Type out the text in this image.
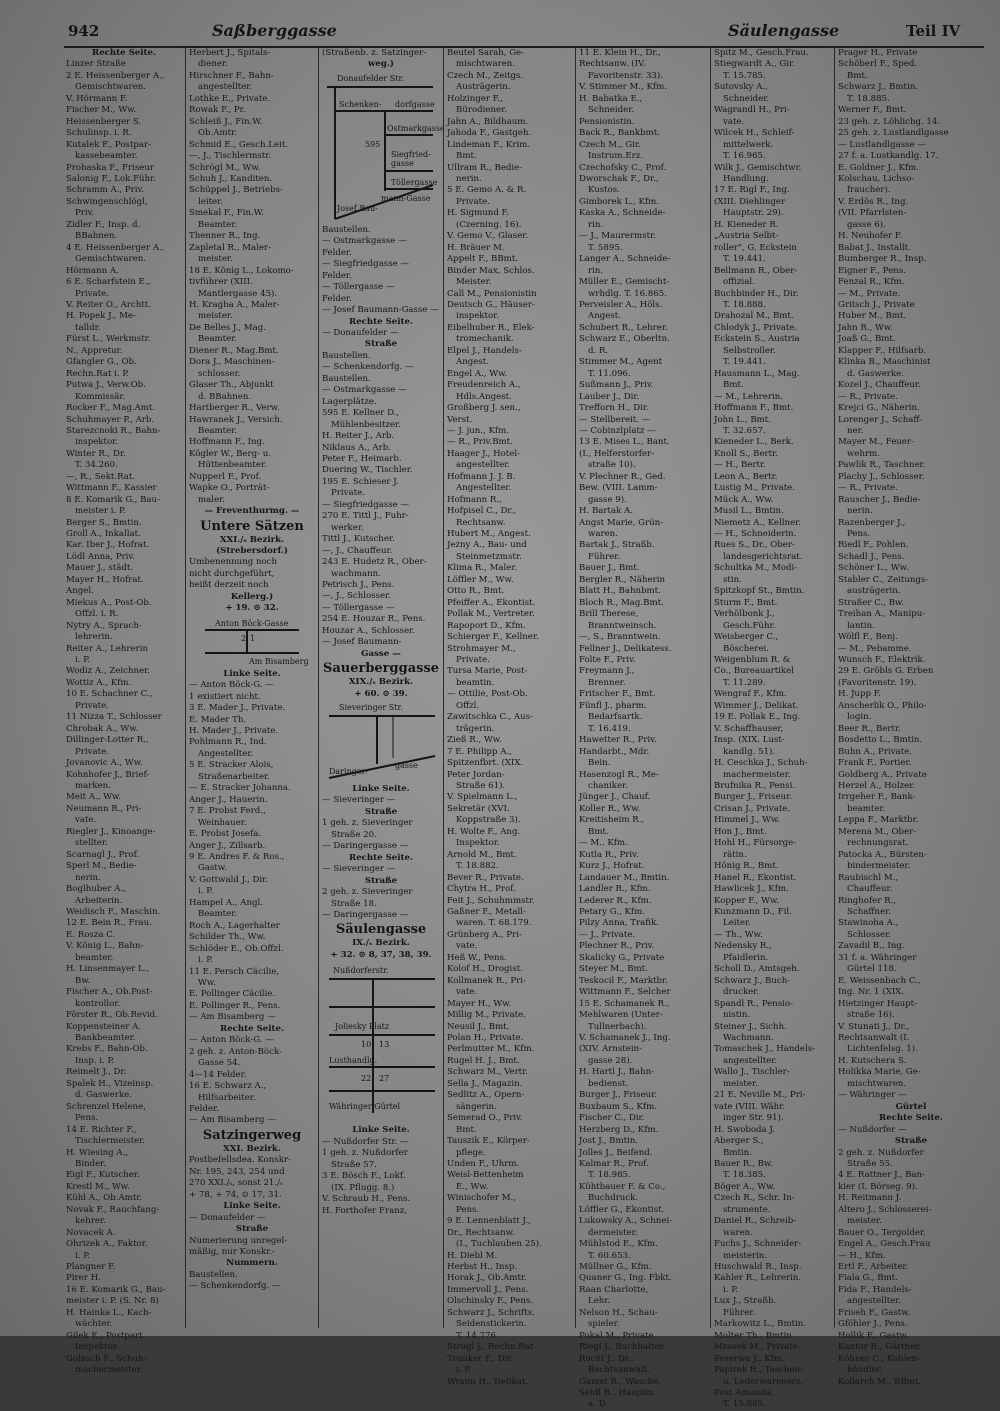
942	Saßberggasse	Säulengasse	Teil IV
Rechte Seite.
Linzer Straße
2 E. Heissenberger A.,
Gemischtwaren.
V. Hörmann F.
Fischer M., Ww.
Heissenberger S.
Schulinsp. i. R.
Kutalek F., Postpar-
kassebeamter.
Prohaska F., Friseur
Salonig F., Lok.Führ.
Schramm A., Priv.
Schwingenschlögl,
Priv.
Zidler F., Insp. d.
BBahnen.
4 E. Heissenberger A.,
Gemischtwaren.
Hörmann A.
6 E. Scharfstein E.,
Private.
V. Reiter O., Archtt.
H. Popek J., Me-
talldr.
Fürst L., Werkmstr.
N., Appretur.
Gfangler G., Ob.
Rechn.Rat i. P.
Putwa J., Verw.Ob.
Kommissär.
Rocker F., Mag.Amt.
Schuhmayer P., Arb.
Starezcnoki R., Bahn-
inspektor.
Winter R., Dr.
T. 34.260.
—, R., Sekt.Rat.
Wittmann F., Kassier
8 E. Komarik G., Bau-
meister i. P.
Berger S., Bmtin.
Groll A., Inkallat.
Kar. Iber J., Hofrat.
Lödl Anna, Priv.
Mauer J., städt.
Mayer H., Hofrat.
Angel.
Miekus A., Post-Ob.
Offzl. i. R.
Nytry A., Sprach-
lehrerin.
Reiter A., Lehrerin
i. P.
Wodiz A., Zeichner.
Wottiz A., Kfm.
10 E. Schachner C.,
Private.
11 Nizza T., Schlosser
Chrobak A., Ww.
Dillinger-Lotter R.,
Private.
Jovanovic A., Ww.
Kohnhofer J., Brief-
marken.
Meit A., Ww.
Neumann R., Pri-
vate.
Riegler J., Kinoange-
stellter.
Scarnagl J., Prof.
Sperl M., Bedie-
nerin.
Boglhuber A.,
Arbeiterin.
Weidisch F., Maschin.
12 E. Bein R., Frau.
E. Rosza C.
V. König L., Bahn-
beamter.
H. Linsenmayer L.,
Bw.
Fischer A., Ob.Post-
kontrollor.
Förster R., Ob.Revid.
Koppensteiner A.
Bankbeamter.
Krebs F., Bahn-Ob.
Insp. i. P.
Reimelt J., Dr.
Spalek H., Vizeinsp.
d. Gaswerke.
Schrenzel Helene,
Pens.
14 E. Richter F.,
Tischlermeister.
H. Wiesing A.,
Binder.
Eigl F., Kutscher.
Krestl M., Ww.
Kühl A., Ob.Amtr.
Novak F., Rauchfang-
kehrer.
Novacek A.
Ohrizek A., Faktor.
i. P.
Plangner F.
Pirer H.
16 E. Komarik G., Bau-
meister i. P. (S. Nr. 8)
H. Hainka L., Kach-
wächter.
Gilek E., Postpart.
Inspektor.
Golasch F., Schuh-
machermeister.
Herbert J., Spitals-
diener.
Hirschner F., Bahn-
angestellter.
Lothke E., Private.
Rowak F., Pr.
Schleiß J., Fin.W.
Ob.Amtr.
Schmid E., Gesch.Leit.
—, J., Tischlermstr.
Schrögl M., Ww.
Schuh J., Kanditen.
Schüppel J., Betriebs-
leiter.
Smekal F., Fin.W.
Beamter.
Thenner R., Ing.
Zapletal R., Maler-
meister.
18 E. König L., Lokomo-
tivführer (XIII.
Mantlergasse 45).
H. Kragha A., Maler-
meister.
De Belles J., Mag.
Beamter.
Diener R., Mag.Bmt.
Dora J., Maschinen-
schlosser.
Glaser Th., Abjunkt
d. BBahnen.
Hartberger R., Verw.
Hawranek J., Versich.
Beamter.
Hoffmann F., Ing.
Kögler W., Berg- u.
Hüttenbeamter.
Nupperl F., Prof.
Wapke O., Porträt-
maler.
— Freventhurmg. —
Untere Sätzen
XXI./ₛ Bezirk.
(Strebersdorf.)
Umbenennung noch
nicht durchgeführt,
heißt derzeit noch
Kellerg.)
+ 19. ⊙ 32.
Anton Böck-Gasse
2 1
Am Bisamberg
Linke Seite.
— Anton Böck-G. —
1 existiert nicht.
3 E. Mader J., Private.
E. Mader Th.
H. Mader J., Private.
Pohlmann R., Ind.
Angestellter.
5 E. Stracker Alois,
Straßenarbeiter.
— E. Stracker Johanna.
Anger J., Hauerin.
7 E. Probst Ferd.,
Weinhauer.
E. Probst Josefa.
Anger J., Zillsarb.
9 E. Andres F. & Ros.,
Gastw.
V. Gottwald J., Dir.
i. P.
Hampel A., Angl.
Beamter.
Roch A., Lagerhalter
Schilder Th., Ww.
Schlöder E., Ob.Offzl.
i. P.
11 E. Persch Cäcilie,
Ww.
E. Pollinger Cäcilie.
E. Pollinger R., Pens.
— Am Bisamberg —
Rechte Seite.
— Anton Böck-G. —
2 geh. z. Anton-Böck-
Gasse 54.
4—14 Felder.
16 E. Schwarz A.,
Hilfsarbeiter.
Felder.
— Am Bisamberg —
Satzingerweg
XXI. Bezirk.
Postbefellsdea. Konskr-
Nr. 195, 243, 254 und
270 XXI./ₛ, sonst 21./ₛ
+ 78, + 74, ⊙ 17, 31.
Linke Seite.
— Donaufelder —
Straße
Numerierung unregel-
mäßig, nur Konskr.-
Nummern.
Baustellen.
— Schenkendorfg. —
(Straßenb. z. Satzinger-
weg.)
Donaufelder Str.
Schenken- dorfgasse
Ostmarkgasse
595
Siegfried-
gasse
Töllergasse
Josef Bau-
mann-Gasse
Baustellen.
— Ostmarkgasse —
Felder.
— Siegfriedgasse —
Felder.
— Töllergasse —
Felder.
— Josef Baumann-Gasse —
Rechte Seite.
— Donaufelder —
Straße
Baustellen.
— Schenkendorfg. —
Baustellen.
— Ostmarkgasse —
Lagerplätze.
595 E. Kellner D.,
Mühlenbesitzer.
H. Reiter J., Arb.
Niklaus A., Arb.
Peter F., Heimarb.
Duering W., Tischler.
195 E. Schieser J.
Private.
— Siegfriedgasse —
270 E. Tittl J., Fuhr-
werker.
Tittl J., Kutscher.
—, J., Chauffeur.
243 E. Hudetz R., Ober-
wachmann.
Petrisch J., Pens.
—, J., Schlosser.
— Töllergasse —
254 E. Houzar R., Pens.
Houzar A., Schlosser.
— Josef Baumann-
Gasse —
Sauerberggasse
XIX./ₛ Bezirk.
+ 60. ⊙ 39.
Sieveringer Str.
Daringer-
gasse
Linke Seite.
— Sieveringer —
Straße
1 geh. z. Sieveringer
Straße 20.
— Daringergasse —
Rechte Seite.
— Sieveringer —
Straße
2 geh. z. Sieveringer
Straße 18.
— Daringergasse —
Säulengasse
IX./ₛ Bezirk.
+ 32. ⊙ 8, 37, 38, 39.
Nußdorferstr.
Joliesky Platz
10 13
Lusthandlg.
22 27
Währinger Gürtel
Linke Seite.
— Nußdorfer Str. —
1 geh. z. Nußdorfer
Straße 57.
3 E. Bösch F., Lokf.
(IX. Pflugg. 8.)
V. Schraub H., Pens.
H. Forthofer Franz,
Beutel Sarah, Ge-
mischtwaren.
Czech M., Zeitgs.
Austrägerin.
Holzinger F.,
Bürodiener.
Jahn A., Bildhaum.
Jahoda F., Gastgeh.
Lindeman F., Krim.
Bmt.
Ullram R., Bedie-
nerin.
5 E. Gemo A. & R.
Private.
H. Sigmund F.
(Czerning. 16).
V. Gemo V., Glaser.
H. Bräuer M.
Appelt F., BBmt.
Binder Max, Schlos.
Meister.
Call M., Pensionistin
Deutsch G., Häuser-
inspektor.
Eibelhuber R., Elek-
tromechanik.
Elpel J., Handels-
Angest.
Engel A., Ww.
Freudenreich A.,
Hdls.Angest.
Großberg J. sen.,
Verst.
— J. jun., Kfm.
— R., Priv.Bmt.
Haager J., Hotel-
angestellter.
Hofmann J. J. B.
Angestellter.
Hofmann R.,
Hofpisel C., Dr.,
Rechtsanw.
Hubert M., Angest.
Jezny A., Bau- und
Steinmetzmstr.
Klima R., Maler.
Löffler M., Ww.
Otto R., Bmt.
Pfeiffer A., Ekontist.
Pollak M., Vertreter.
Rapoport D., Kfm.
Schierger F., Kellner.
Strohmayer M.,
Private.
Tursa Marie, Post-
beamtin.
— Ottilie, Post-Ob.
Offzl.
Zawitschka C., Aus-
trägerin.
Zieß R., Ww.
7 E. Philipp A.,
Spitzenfbrt. (XIX.
Peter Jordan-
Straße 61).
V. Spielmann L.,
Sekretär (XVI.
Koppstraße 3).
H. Wolte F., Ang.
Inspektor.
Arnold M., Bmt.
T. 18.882.
Bever R., Private.
Chytra H., Prof.
Feit J., Schuhmmstr.
Gaßner F., Metall-
waren. T. 68.179.
Grünberg A., Pri-
vate.
Heß W., Pens.
Kolof H., Drogist.
Kollmanek R., Pri-
vate.
Mayer H., Ww.
Millig M., Private.
Neusil J., Bmt.
Polan H., Private.
Perlmutter M., Kfm.
Rugel H. J., Bmt.
Schwarz M., Vertr.
Sella J., Magazin.
Sedlitz A., Opern-
sängerin.
Semerad O., Priv.
Bmt.
Tauszik E., Körper-
pflege.
Unden F., Uhrm.
Weisl-Bettenheim
E., Ww.
Winischofer M.,
Pens.
9 E. Lennenblatt J.,
Dr., Rechtsanw.
(I., Tuchlauben 25).
H. Diebl M.
Herbst H., Insp.
Horak J., Ob.Amtr.
Immervoll J., Pens.
Olschinsky F., Pens.
Schwarz J., Schrifts.
Seidenstickerin.
T. 14.776.
Strugl J., Rechn.Rat
Trunker F., Dir.
i. P.
Wrann H., Delikat.
11 E. Klein H., Dr.,
Rechtsanw. (IV.
Favoritenstr. 33).
V. Stimmer M., Kfm.
H. Babatka E.,
Schneider.
Pensionistin.
Back R., Bankbmt.
Czech M., Gir.
Instrum.Erz.
Czechofsky C., Prof.
Dworschak F., Dr.,
Kustos.
Gimborek L., Kfm.
Kaska A., Schneide-
rin.
— J., Maurermstr.
T. 5895.
Langer A., Schneide-
rin.
Müller E., Gemischt-
wrhdlg. T. 16.865.
Perveisler A., Höls.
Angest.
Schubert R., Lehrer.
Schwarz E., Oberltn.
d. R.
Stimmer M., Agent
T. 11.096.
Sußmann J., Priv.
Lauber J., Dir.
Trefforn H., Dir.
— Stellbereit. —
— Cobinzlplatz —
13 E. Mises L., Bant.
(I., Helferstorfer-
straße 10).
V. Plechner R., Ged.
Bew. (VIII. Lamm-
gasse 9).
H. Bartak A.
Angst Marie, Grün-
waren.
Bartak J., Straßb.
Führer.
Bauer J., Bmt.
Bergler R., Näherin
Blatt H., Bahnbmt.
Bloch R., Mag.Bmt.
Brill Therese,
Branntweinsch.
—, S., Branntwein.
Fellner J., Delikatess.
Folte F., Priv.
Freymann J.,
Brenner.
Fritscher F., Bmt.
Fünfl J., pharm.
Bedarfsartk.
T. 16.419.
Hawetter R., Priv.
Handarbt., Mdr.
Bein.
Hasenzogl R., Me-
chaniker.
Jünger J., Chauf.
Koller R., Ww.
Kreitisheim R.,
Bmt.
— M., Kfm.
Kutla R., Priv.
Kurz J., Hofrat.
Landauer M., Bmtin.
Landler R., Kfm.
Lederer R., Kfm.
Petary G., Kfm.
Pilzy Anna, Trafik.
— J., Private.
Plechner R., Priv.
Skalicky G., Private
Steyer M., Bmt.
Teskocil F., Marktbr.
Wittmann F., Selcher
15 E. Schamanek R.,
Mehlwaren (Unter-
Tullnerbach).
V. Schamanek J., Ing.
(XIV. Arnstein-
gasse 28).
H. Hartl J., Bahn-
bedienst.
Burger J., Friseur.
Buxbaum S., Kfm.
Fischer C., Dir.
Herzberg D., Kfm.
Jost J., Bmtin.
Jolles J., Beifend.
Kalmar R., Prof.
T. 18.985.
Kühtbauer F. & Co.,
Buchdruck.
Löffler G., Ekontist.
Lukowsky A., Schnei-
dermeister.
Mühlstod E., Kfm.
T. 60.653.
Müllner G., Kfm.
Quaner G., Ing. Fbkt.
Raan Charlotte,
Lehr.
Nelson H., Schau-
spieler.
Pokal M., Private.
Riegl J., Buchhalter.
Rocht J., Dr.,
Rechtsanwalt.
Gamet R., Wäsche.
Seidl R., Hauptm.
a. D.
Spitz M., Gesch.Frau.
Stiegwardt A., Gir.
T. 15.785.
Sutovsky A.,
Schneider.
Wagrandl H., Pri-
vate.
Wilcek H., Schleif-
mittelwerk.
T. 16.965.
Wilk J., Gemischtwr.
Handlung.
17 E. Rigl F., Ing.
(XIII. Diehlinger
Hauptstr. 29).
H. Kieneder R.
„Austria Selbt-
roller", G. Eckstein
T. 19.441.
Bellmann R., Ober-
offizial.
Buchbinder H., Dir.
T. 18.888.
Drahozal M., Bmt.
Chlodyk J., Private.
Eckstein S., Austria
Selbstroller.
T. 19.441.
Hausmann L., Mag.
Bmt.
— M., Lehrerin.
Hoffmann F., Bmt.
John L., Bmt.
T. 32.657.
Kieneder L., Berk.
Knoll S., Bertr.
— H., Bertr.
Leon A., Bertr.
Lustig M., Private.
Mück A., Ww.
Musil L., Bmtin.
Niemetz A., Kellner.
— H., Schneiderin.
Rues S., Dr., Ober-
landesgerichtsrat.
Schultka M., Modi-
stin.
Spitzkopf St., Bmtin.
Sturm F., Bmt.
Verhölbonk J.,
Gesch.Führ.
Weisberger C.,
Böscherei.
Weigenblum R. &
Co., Bureauartikel
T. 11.289.
Wengraf F., Kfm.
Wimmer J., Delikat.
19 E. Pollak E., Ing.
V. Schaffhauser,
Insp. (XIX. Lust-
kandlg. 51).
H. Ceschka J., Schuh-
machermeister.
Brufnika R., Pensi.
Burger J., Friseur.
Crisan J., Private.
Himmel J., Ww.
Hon J., Bmt.
Hohl H., Fürsorge-
rätin.
Hönig R., Bmt.
Hanel R., Ekontist.
Hawlicek J., Kfm.
Kopper F., Ww.
Kunzmann D., Fil.
Leiter.
— Th., Ww.
Nedensky R.,
Pfaidlerin.
Scholl D., Amtsgeh.
Schwarz J., Buch-
drucker.
Spandl R., Pensio-
nistin.
Steiner J., Sichh.
Wachmann.
Tomaschek J., Handels-
angestellter.
Wallo J., Tischler-
meister.
21 E. Neville M., Pri-
vate (VIII. Währ.
inger Str. 91).
H. Swoboda J.
Aberger S.,
Bmtin.
Bauer R., Bw.
T. 18.385.
Böger A., Ww.
Czech R., Schr. In-
strumente.
Daniel R., Schreib-
waren.
Fuchs J., Schneider-
meisterin.
Huschwald R., Insp.
Kahler R., Lehrerin.
i. P.
Lux J., Straßb.
Führer.
Markowitz L., Bmtin.
Molter Th., Bmtin.
Mrasek M., Private.
Peserwa J., Kfm.
Papirek R., Taschen-
u. Lederwarenerz.
Post Amanda.
T. 15.885.
Prager H., Private
Schöberl F., Sped.
Bmt.
Schwarz J., Bmtin.
T. 18.885.
Werner F., Bmt.
23 geh. z. Löhlichg. 14.
25 geh. z. Lustlandlgasse
— Lustlandlgasse —
27 f. a. Lustkandlg. 17.
E. Goldner J., Kfm.
Kolschau, Lichso-
fraucher).
V. Erdös R., Ing.
(VII. Pfarrlsten-
gasse 6).
H. Neuhofer F.
Babat J., Installt.
Bumberger R., Insp.
Eigner F., Pens.
Fenzal R., Kfm.
— M., Private.
Gritsch J., Private
Huber M., Bmt.
Jahn R., Ww.
Joaß G., Bmt.
Klapper F., Hilfsarb.
Klinka B., Maschinist
d. Gaswerke.
Kozel J., Chauffeur.
— R., Private.
Krejci G., Näherin.
Lorenger J., Schaff-
ner.
Mayer M., Feuer-
wehrm.
Pawlik R., Taschner.
Plachy J., Schlosser.
— R., Private.
Rauscher J., Bedie-
nerin.
Razenberger J.,
Pens.
Riedl F., Pohlen.
Schadl J., Pens.
Schöner L., Ww.
Stabler C., Zeitungs-
austrägerin.
Straßer C., Bw.
Treihan A., Manipu-
lantin.
Wölfl F., Benj.
— M., Pebamme.
Wunsch F., Elektrik.
29 E. Gröbls G. Erben
(Favoritenstr. 19).
H. Jupp F.
Anscherlik O., Philo-
login.
Beer R., Bertr.
Bosdetto L., Bmtin.
Buhn A., Private.
Frank F., Portier.
Goldberg A., Private
Herzel A., Holzer.
Irrgeher F., Bank-
beamter.
Leppa F., Marktbr.
Merena M., Ober-
rechnungsrat.
Patocka A., Bürsten-
bindermeister.
Raubischl M.,
Chauffeur.
Ringhofer R.,
Schaffner.
Stawinoha A.,
Schlosser.
Zavadil B., Ing.
31 f. a. Währinger
Gürtel 118.
E. Weissenbach C.,
Ing. Nr. 1 (XIX.
Hietzinger Haupt-
straße 16).
V. Stunati J., Dr.,
Rechtsanwalt (I.
Lichtenfelsg. 1).
H. Kutschera S.
Holikka Marie, Ge-
mischtwaren.
— Währinger —
Gürtel
Rechte Seite.
— Nußdorfer —
Straße
2 geh. z. Nußdorfer
Straße 55.
4 E. Rattner J., Ban-
kier (I. Börseg. 9).
H. Reitmann J.
Altero J., Schlosserei-
meister.
Bauer O., Tergolder.
Engel A., Gesch.Frau
— H., Kfm.
Ertl F., Arbeiter.
Fiala G., Bmt.
Fida F., Handels-
angestellter.
Friseh F., Gastw.
Gföhler J., Pens.
Hollik F., Gastw.
Kantor R., Gärtner.
Köhner C., Kohlen-
händler.
Kollarch M., BBmt.
